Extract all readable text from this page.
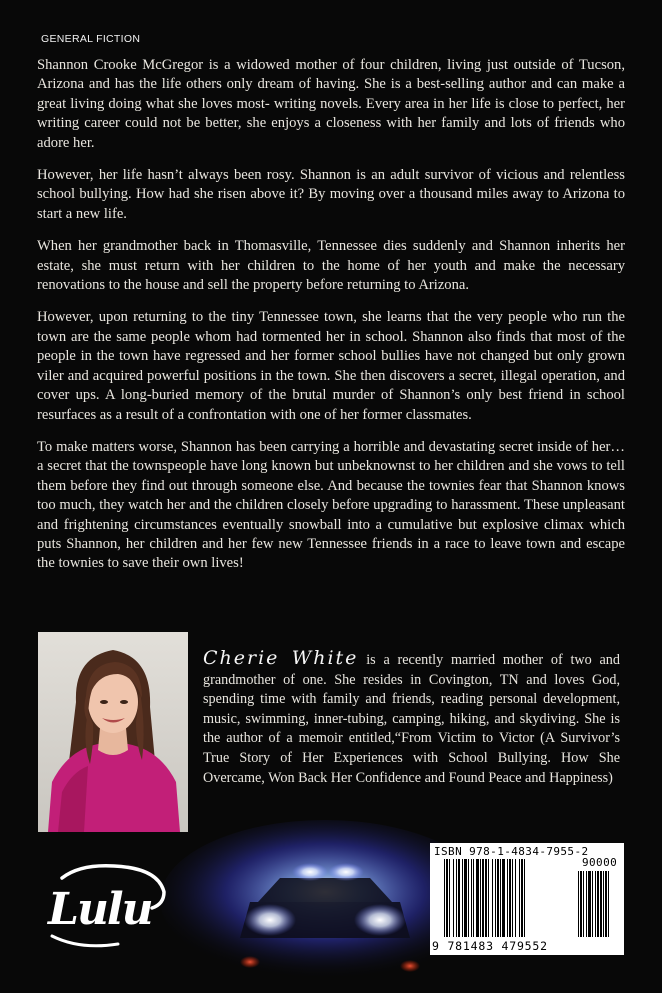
GENERAL FICTION

Shannon Crooke McGregor is a widowed mother of four children, living just outside of Tucson, Arizona and has the life others only dream of having. She is a best-selling author and can make a great living doing what she loves most- writing novels. Every area in her life is close to perfect, her writing career could not be better, she enjoys a closeness with her family and lots of friends who adore her.

However, her life hasn’t always been rosy. Shannon is an adult survivor of vicious and relentless school bullying. How had she risen above it? By moving over a thousand miles away to Arizona to start a new life.

When her grandmother back in Thomasville, Tennessee dies suddenly and Shannon inherits her estate, she must return with her children to the home of her youth and make the necessary renovations to the house and sell the property before returning to Arizona.

However, upon returning to the tiny Tennessee town, she learns that the very people who run the town are the same people whom had tormented her in school. Shannon also finds that most of the people in the town have regressed and her former school bullies have not changed but only grown viler and acquired powerful positions in the town. She then discovers a secret, illegal operation, and cover ups. A long-buried memory of the brutal murder of Shannon’s only best friend in school resurfaces as a result of a confrontation with one of her former classmates.

To make matters worse, Shannon has been carrying a horrible and devastating secret inside of her…a secret that the townspeople have long known but unbeknownst to her children and she vows to tell them before they find out through someone else. And because the townies fear that Shannon knows too much, they watch her and the children closely before upgrading to harassment. These unpleasant and frightening circumstances eventually snowball into a cumulative but explosive climax which puts Shannon, her children and her few new Tennessee friends in a race to leave town and escape the townies to save their own lives!

Cherie White is a recently married mother of two and grandmother of one. She resides in Covington, TN and loves God, spending time with family and friends, reading personal development, music, swimming, inner-tubing, camping, hiking, and skydiving. She is the author of a memoir entitled,“From Victim to Victor (A Survivor’s True Story of Her Experiences with School Bullying. How She Overcame, Won Back Her Confidence and Found Peace and Happiness)

Lulu
ISBN 978-1-4834-7955-2
90000
9 781483 479552
